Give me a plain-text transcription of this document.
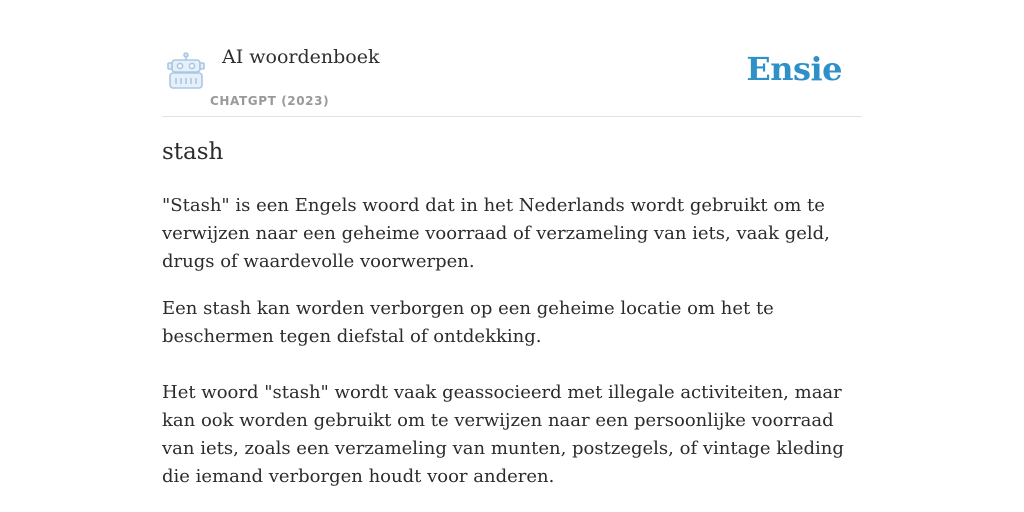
AI woordenboek
CHATGPT (2023)
Ensie
stash

"Stash" is een Engels woord dat in het Nederlands wordt gebruikt om te verwijzen naar een geheime voorraad of verzameling van iets, vaak geld, drugs of waardevolle voorwerpen.

Een stash kan worden verborgen op een geheime locatie om het te beschermen tegen diefstal of ontdekking.

Het woord "stash" wordt vaak geassocieerd met illegale activiteiten, maar kan ook worden gebruikt om te verwijzen naar een persoonlijke voorraad van iets, zoals een verzameling van munten, postzegels, of vintage kleding die iemand verborgen houdt voor anderen.
